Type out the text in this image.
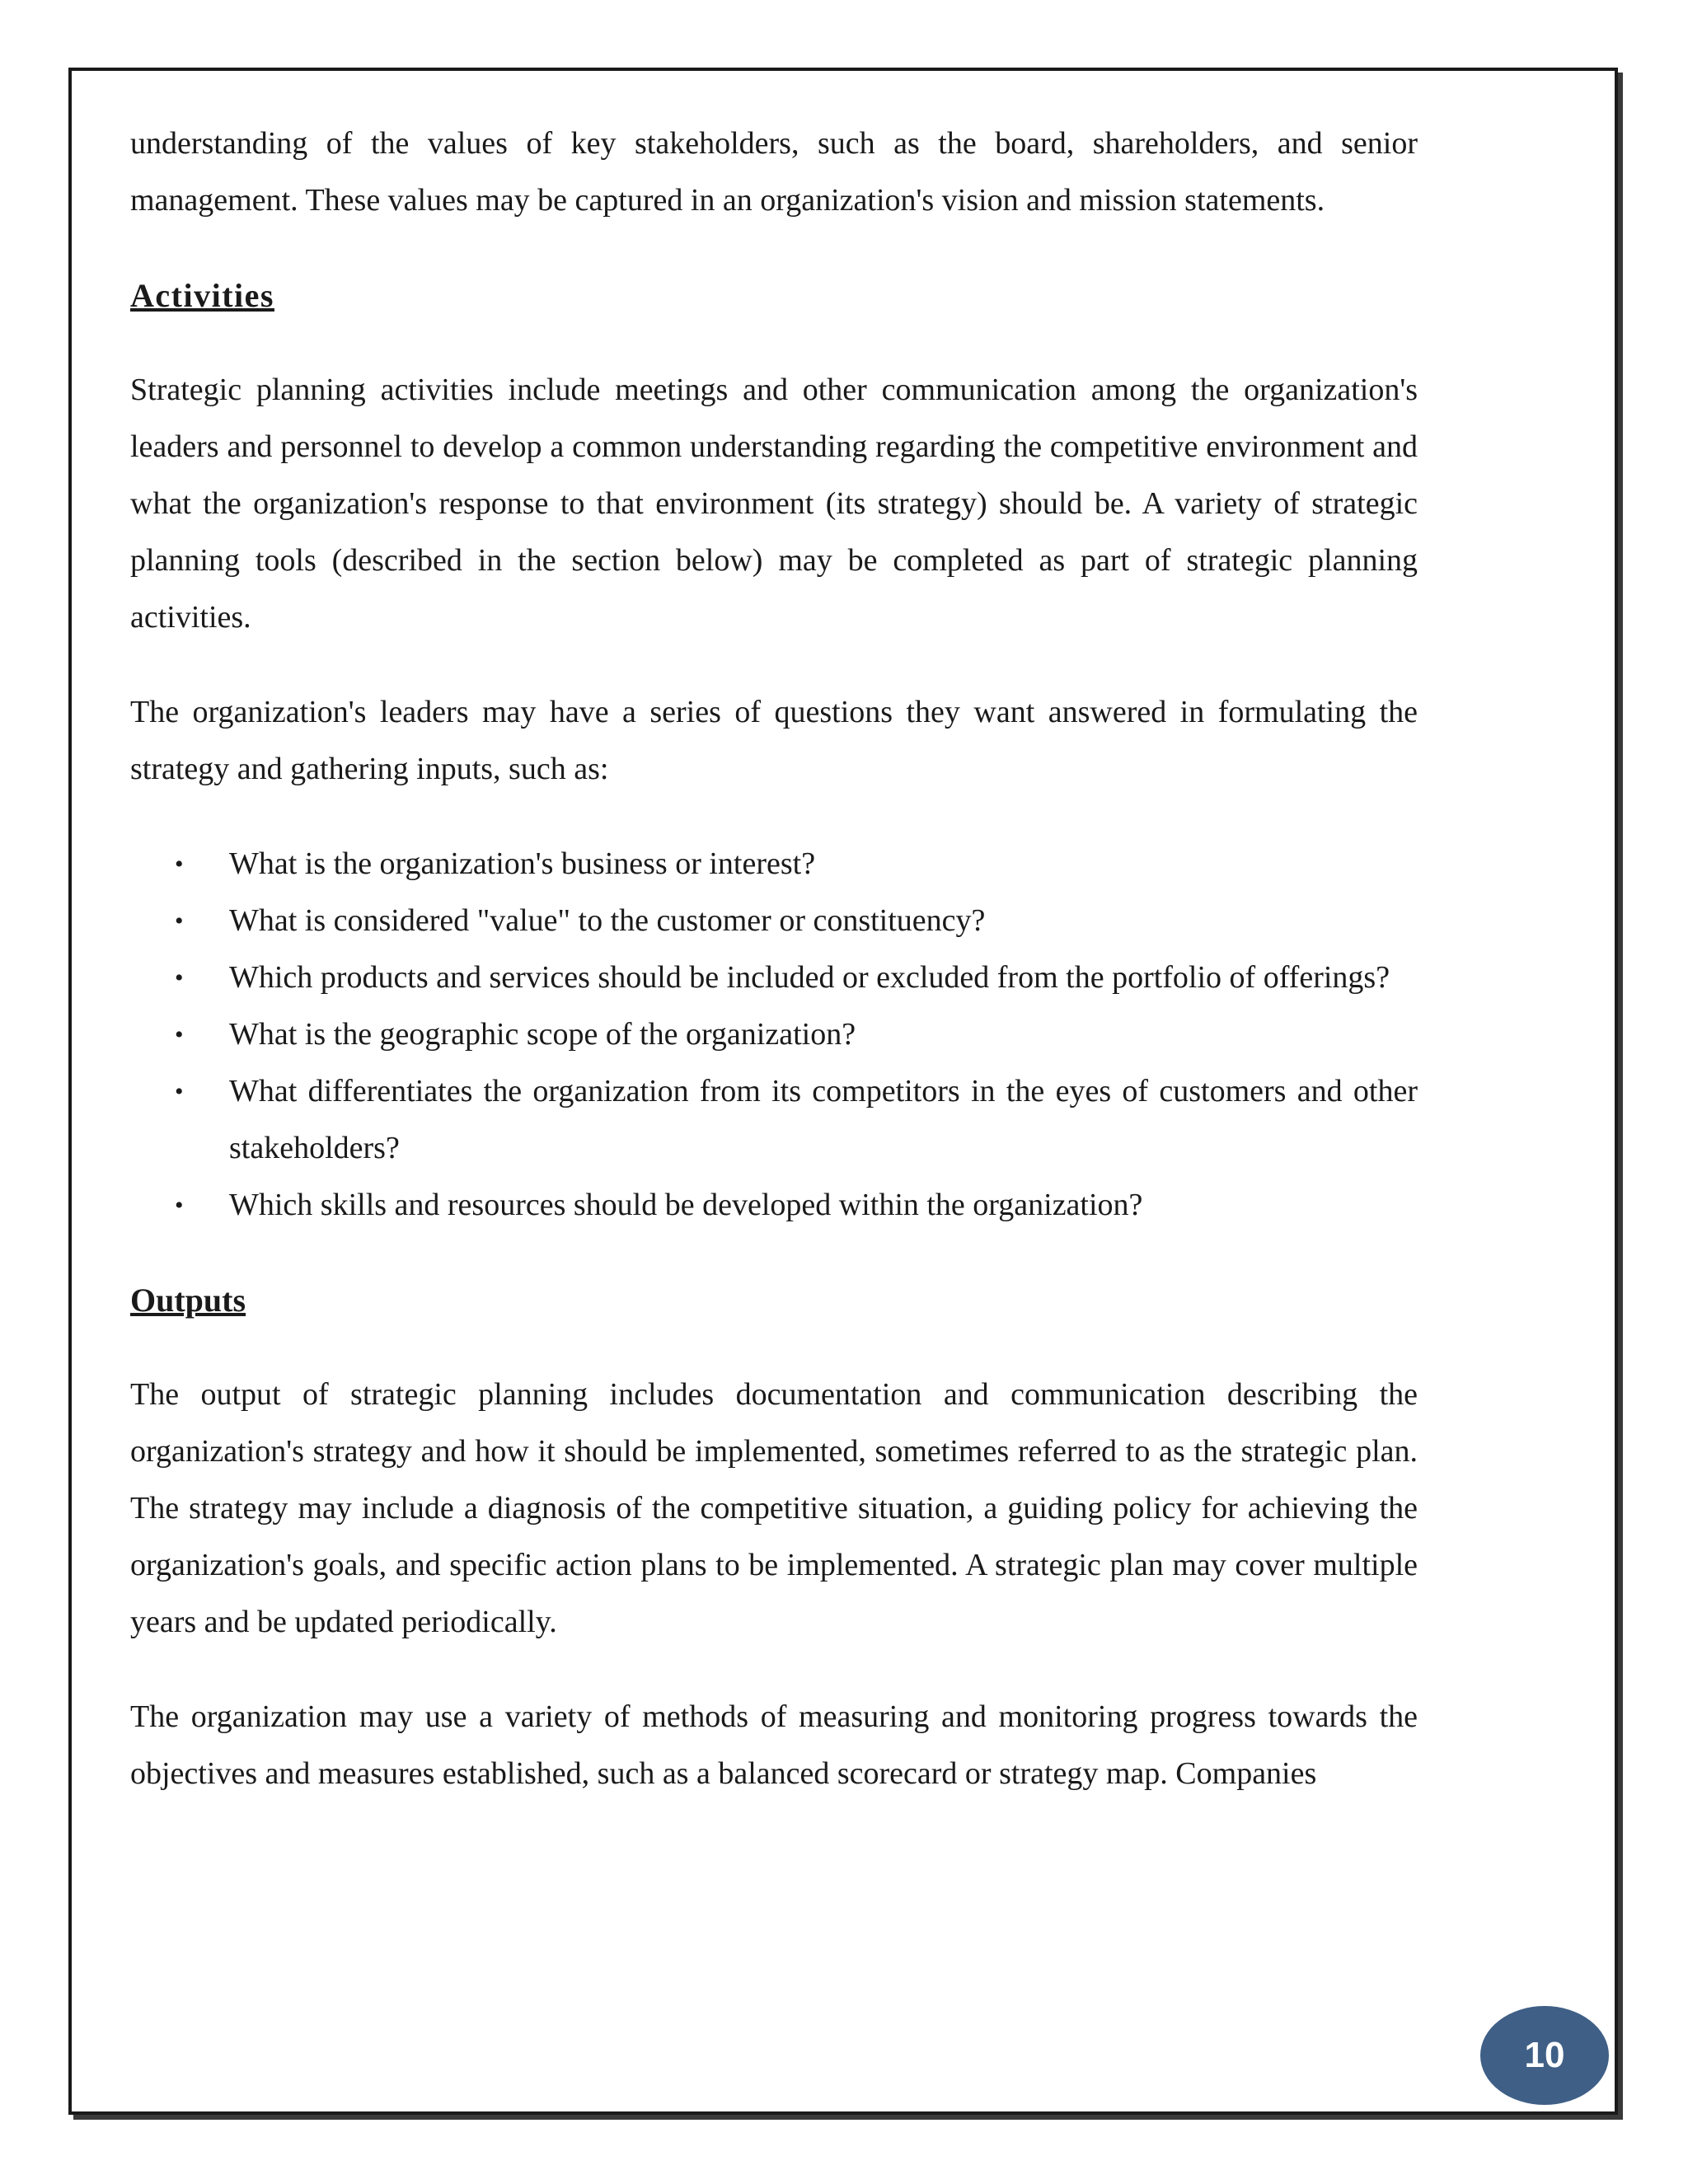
understanding of the values of key stakeholders, such as the board, shareholders, and senior management. These values may be captured in an organization's vision and mission statements.

Activities

Strategic planning activities include meetings and other communication among the organization's leaders and personnel to develop a common understanding regarding the competitive environment and what the organization's response to that environment (its strategy) should be. A variety of strategic planning tools (described in the section below) may be completed as part of strategic planning activities.

The organization's leaders may have a series of questions they want answered in formulating the strategy and gathering inputs, such as:

• What is the organization's business or interest?
• What is considered "value" to the customer or constituency?
• Which products and services should be included or excluded from the portfolio of offerings?
• What is the geographic scope of the organization?
• What differentiates the organization from its competitors in the eyes of customers and other stakeholders?
• Which skills and resources should be developed within the organization?
Outputs

The output of strategic planning includes documentation and communication describing the organization's strategy and how it should be implemented, sometimes referred to as the strategic plan. The strategy may include a diagnosis of the competitive situation, a guiding policy for achieving the organization's goals, and specific action plans to be implemented. A strategic plan may cover multiple years and be updated periodically.

The organization may use a variety of methods of measuring and monitoring progress towards the objectives and measures established, such as a balanced scorecard or strategy map. Companies

10
